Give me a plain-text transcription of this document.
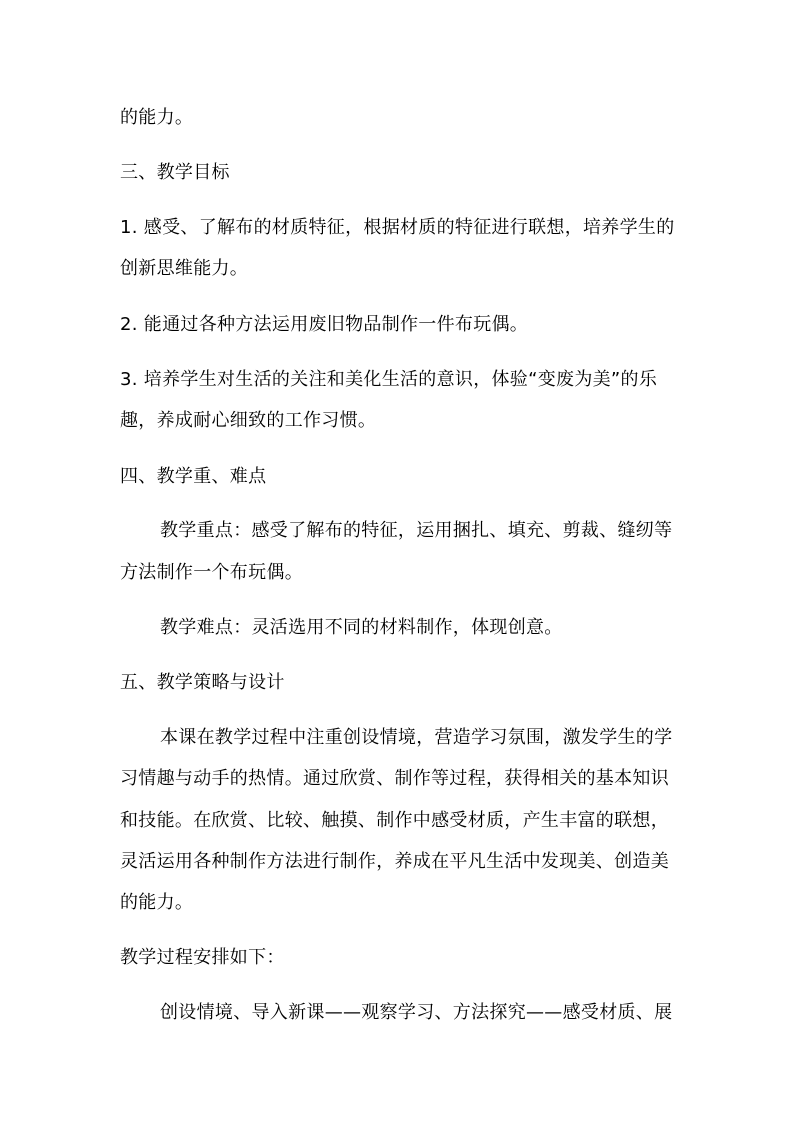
的能力。
三、教学目标
1. 感受、了解布的材质特征，根据材质的特征进行联想，培养学生的
创新思维能力。
2. 能通过各种方法运用废旧物品制作一件布玩偶。
3. 培养学生对生活的关注和美化生活的意识，体验“变废为美”的乐
趣，养成耐心细致的工作习惯。
四、教学重、难点
教学重点：感受了解布的特征，运用捆扎、填充、剪裁、缝纫等
方法制作一个布玩偶。
教学难点：灵活选用不同的材料制作，体现创意。
五、教学策略与设计
本课在教学过程中注重创设情境，营造学习氛围，激发学生的学
习情趣与动手的热情。通过欣赏、制作等过程，获得相关的基本知识
和技能。在欣赏、比较、触摸、制作中感受材质，产生丰富的联想，
灵活运用各种制作方法进行制作，养成在平凡生活中发现美、创造美
的能力。
教学过程安排如下：
创设情境、导入新课——观察学习、方法探究——感受材质、展
